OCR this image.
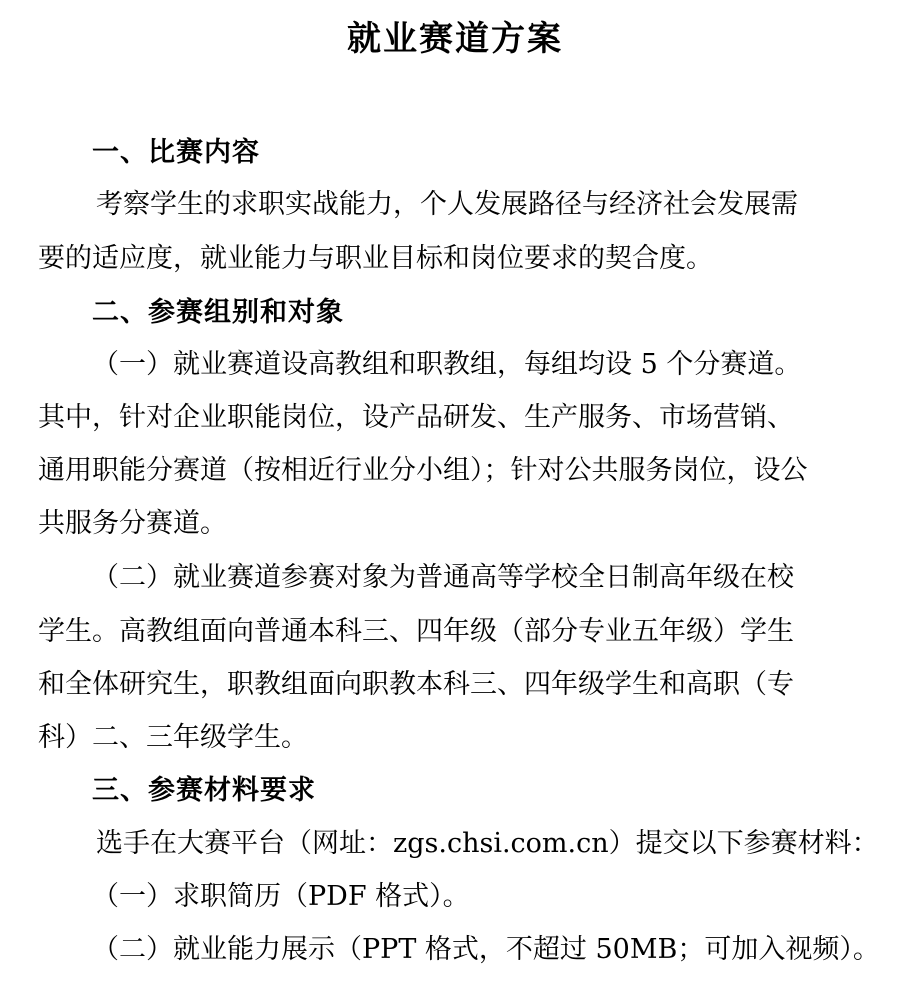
就业赛道方案
一、比赛内容
考察学生的求职实战能力，个人发展路径与经济社会发展需
要的适应度，就业能力与职业目标和岗位要求的契合度。
二、参赛组别和对象
（一）就业赛道设高教组和职教组，每组均设 5 个分赛道。
其中，针对企业职能岗位，设产品研发、生产服务、市场营销、
通用职能分赛道（按相近行业分小组）；针对公共服务岗位，设公
共服务分赛道。
（二）就业赛道参赛对象为普通高等学校全日制高年级在校
学生。高教组面向普通本科三、四年级（部分专业五年级）学生
和全体研究生，职教组面向职教本科三、四年级学生和高职（专
科）二、三年级学生。
三、参赛材料要求
选手在大赛平台（网址：zgs.chsi.com.cn）提交以下参赛材料：
（一）求职简历（PDF 格式）。
（二）就业能力展示（PPT 格式，不超过 50MB；可加入视频）。
